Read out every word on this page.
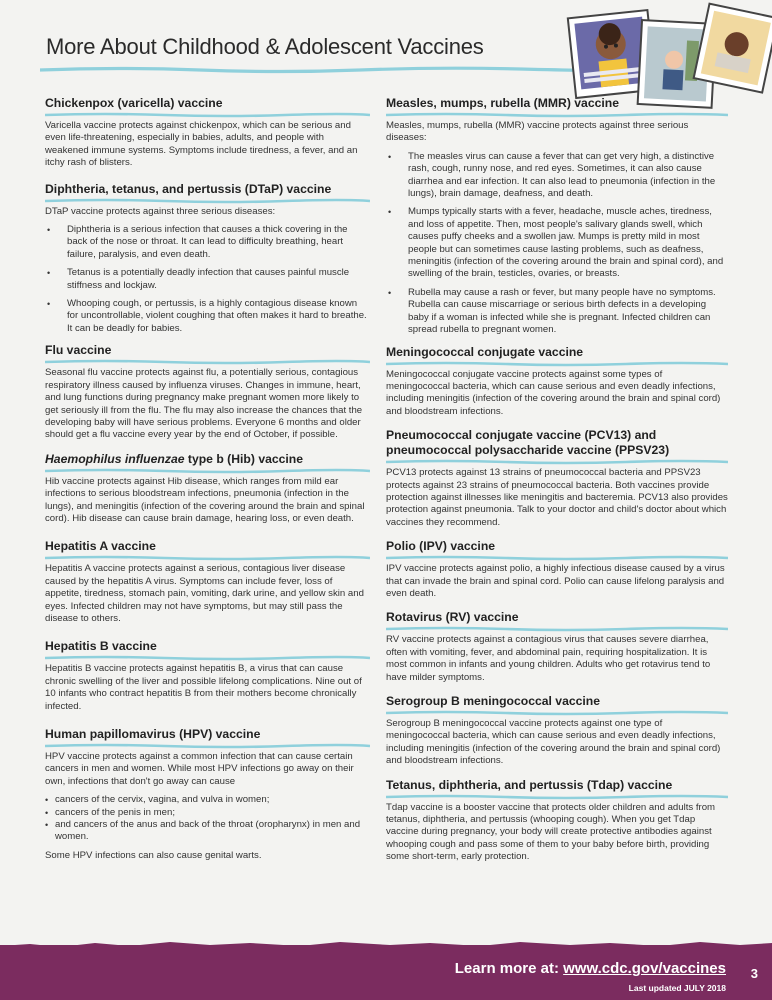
More About Childhood & Adolescent Vaccines
Chickenpox (varicella) vaccine

Varicella vaccine protects against chickenpox, which can be serious and even life-threatening, especially in babies, adults, and people with weakened immune systems. Symptoms include tiredness, a fever, and an itchy rash of blisters.

Diphtheria, tetanus, and pertussis (DTaP) vaccine

DTaP vaccine protects against three serious diseases:

• Diphtheria is a serious infection that causes a thick covering in the back of the nose or throat. It can lead to difficulty breathing, heart failure, paralysis, and even death.
• Tetanus is a potentially deadly infection that causes painful muscle stiffness and lockjaw.
• Whooping cough, or pertussis, is a highly contagious disease known for uncontrollable, violent coughing that often makes it hard to breathe. It can be deadly for babies.
Flu vaccine

Seasonal flu vaccine protects against flu, a potentially serious, contagious respiratory illness caused by influenza viruses. Changes in immune, heart, and lung functions during pregnancy make pregnant women more likely to get seriously ill from the flu. The flu may also increase the chances that the developing baby will have serious problems. Everyone 6 months and older should get a flu vaccine every year by the end of October, if possible.

Haemophilus influenzae type b (Hib) vaccine

Hib vaccine protects against Hib disease, which ranges from mild ear infections to serious bloodstream infections, pneumonia (infection in the lungs), and meningitis (infection of the covering around the brain and spinal cord). Hib disease can cause brain damage, hearing loss, or even death.

Hepatitis A vaccine

Hepatitis A vaccine protects against a serious, contagious liver disease caused by the hepatitis A virus. Symptoms can include fever, loss of appetite, tiredness, stomach pain, vomiting, dark urine, and yellow skin and eyes. Infected children may not have symptoms, but may still pass the disease to others.

Hepatitis B vaccine

Hepatitis B vaccine protects against hepatitis B, a virus that can cause chronic swelling of the liver and possible lifelong complications. Nine out of 10 infants who contract hepatitis B from their mothers become chronically infected.

Human papillomavirus (HPV) vaccine

HPV vaccine protects against a common infection that can cause certain cancers in men and women. While most HPV infections go away on their own, infections that don't go away can cause

• cancers of the cervix, vagina, and vulva in women;
• cancers of the penis in men;
• and cancers of the anus and back of the throat (oropharynx) in men and women.

Some HPV infections can also cause genital warts.

Measles, mumps, rubella (MMR) vaccine

Measles, mumps, rubella (MMR) vaccine protects against three serious diseases:

• The measles virus can cause a fever that can get very high, a distinctive rash, cough, runny nose, and red eyes. Sometimes, it can also cause diarrhea and ear infection. It can also lead to pneumonia (infection in the lungs), brain damage, deafness, and death.
• Mumps typically starts with a fever, headache, muscle aches, tiredness, and loss of appetite. Then, most people's salivary glands swell, which causes puffy cheeks and a swollen jaw. Mumps is pretty mild in most people but can sometimes cause lasting problems, such as deafness, meningitis (infection of the covering around the brain and spinal cord), and swelling of the brain, testicles, ovaries, or breasts.
• Rubella may cause a rash or fever, but many people have no symptoms. Rubella can cause miscarriage or serious birth defects in a developing baby if a woman is infected while she is pregnant. Infected children can spread rubella to pregnant women.
Meningococcal conjugate vaccine

Meningococcal conjugate vaccine protects against some types of meningococcal bacteria, which can cause serious and even deadly infections, including meningitis (infection of the covering around the brain and spinal cord) and bloodstream infections.

Pneumococcal conjugate vaccine (PCV13) and pneumococcal polysaccharide vaccine (PPSV23)

PCV13 protects against 13 strains of pneumococcal bacteria and PPSV23 protects against 23 strains of pneumococcal bacteria. Both vaccines provide protection against illnesses like meningitis and bacteremia. PCV13 also provides protection against pneumonia. Talk to your doctor and child's doctor about which vaccines they recommend.

Polio (IPV) vaccine

IPV vaccine protects against polio, a highly infectious disease caused by a virus that can invade the brain and spinal cord. Polio can cause lifelong paralysis and even death.

Rotavirus (RV) vaccine

RV vaccine protects against a contagious virus that causes severe diarrhea, often with vomiting, fever, and abdominal pain, requiring hospitalization. It is most common in infants and young children. Adults who get rotavirus tend to have milder symptoms.

Serogroup B meningococcal vaccine

Serogroup B meningococcal vaccine protects against one type of meningococcal bacteria, which can cause serious and even deadly infections, including meningitis (infection of the covering around the brain and spinal cord) and bloodstream infections.

Tetanus, diphtheria, and pertussis (Tdap) vaccine

Tdap vaccine is a booster vaccine that protects older children and adults from tetanus, diphtheria, and pertussis (whooping cough). When you get Tdap vaccine during pregnancy, your body will create protective antibodies against whooping cough and pass some of them to your baby before birth, providing some short-term, early protection.

Learn more at: www.cdc.gov/vaccines 3
Last updated JULY 2018
